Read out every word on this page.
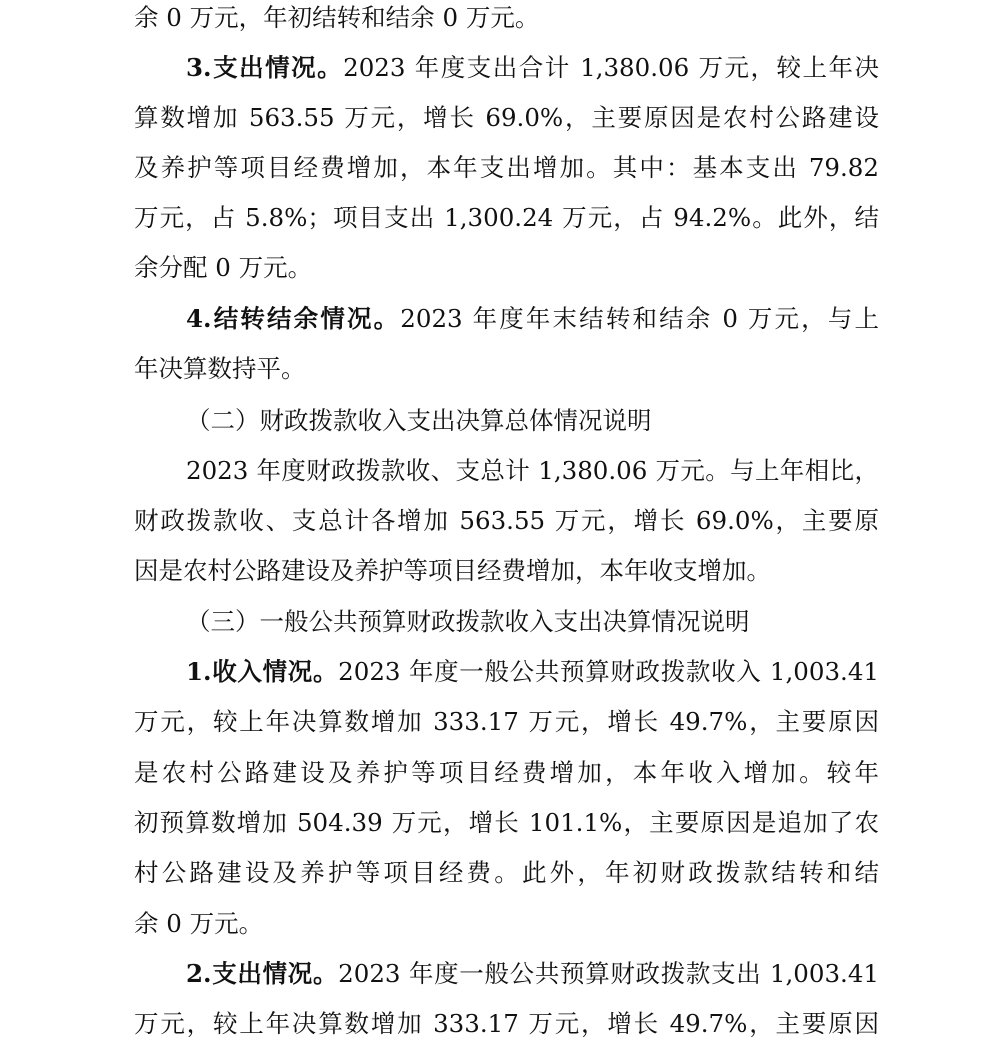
余 0 万元，年初结转和结余 0 万元。
3.支出情况。2023 年度支出合计 1,380.06 万元，较上年决
算数增加 563.55 万元，增长 69.0%，主要原因是农村公路建设
及养护等项目经费增加，本年支出增加。其中：基本支出 79.82
万元，占 5.8%；项目支出 1,300.24 万元，占 94.2%。此外，结
余分配 0 万元。
4.结转结余情况。2023 年度年末结转和结余 0 万元，与上
年决算数持平。
（二）财政拨款收入支出决算总体情况说明
2023 年度财政拨款收、支总计 1,380.06 万元。与上年相比，
财政拨款收、支总计各增加 563.55 万元，增长 69.0%，主要原
因是农村公路建设及养护等项目经费增加，本年收支增加。
（三）一般公共预算财政拨款收入支出决算情况说明
1.收入情况。2023 年度一般公共预算财政拨款收入 1,003.41
万元，较上年决算数增加 333.17 万元，增长 49.7%，主要原因
是农村公路建设及养护等项目经费增加，本年收入增加。较年
初预算数增加 504.39 万元，增长 101.1%，主要原因是追加了农
村公路建设及养护等项目经费。此外，年初财政拨款结转和结
余 0 万元。
2.支出情况。2023 年度一般公共预算财政拨款支出 1,003.41
万元，较上年决算数增加 333.17 万元，增长 49.7%，主要原因
